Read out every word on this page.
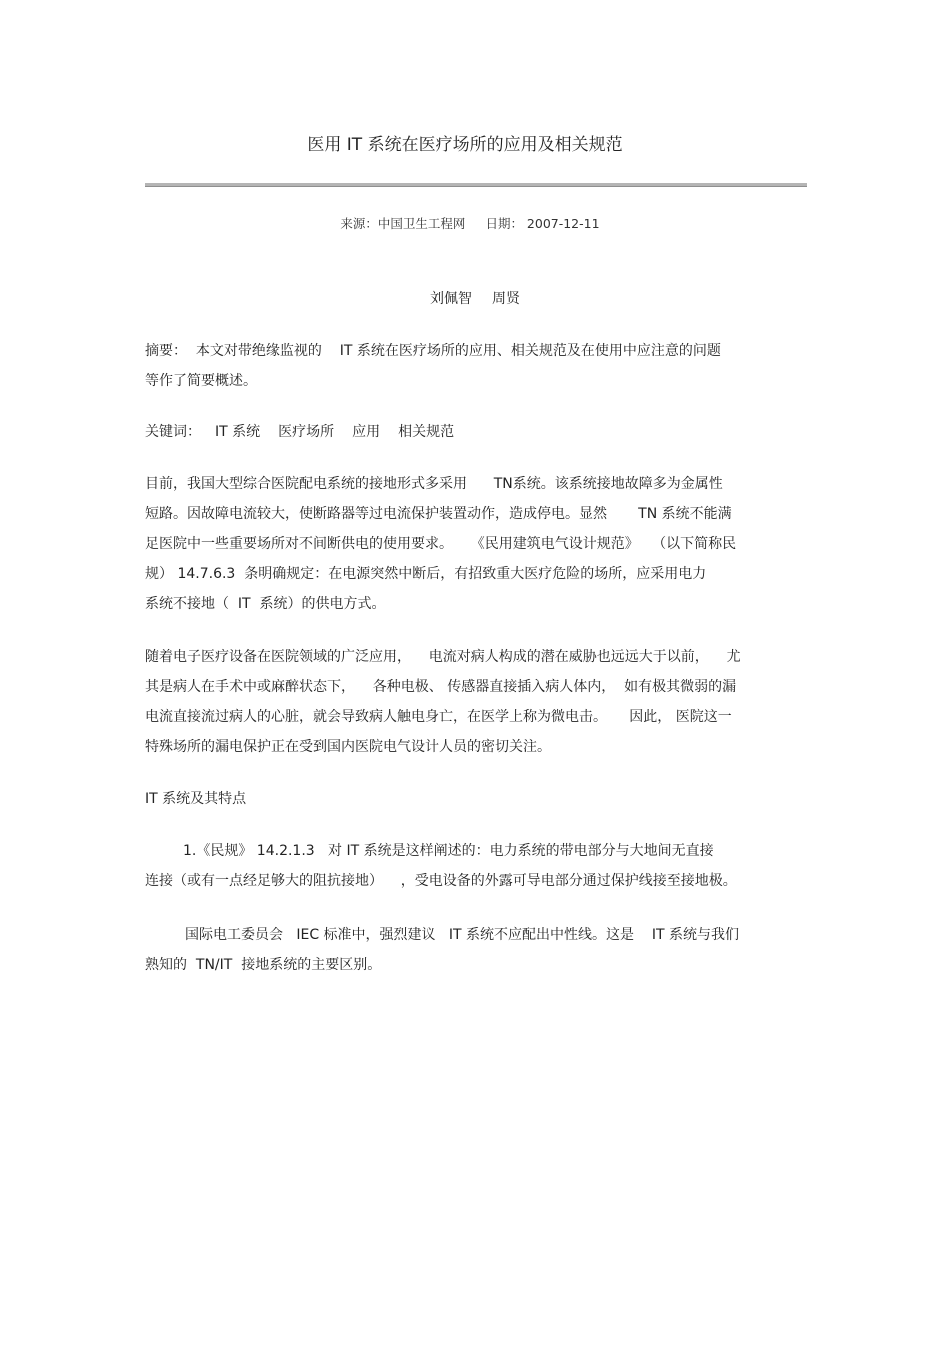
医用 IT 系统在医疗场所的应用及相关规范
来源：中国卫生工程网 日期： 2007-12-11
刘佩智 周贤
摘要：  本文对带绝缘监视的    IT 系统在医疗场所的应用、相关规范及在使用中应注意的问题
等作了简要概述。
关键词： IT 系统 医疗场所 应用 相关规范
目前，我国大型综合医院配电系统的接地形式多采用      TN系统。该系统接地故障多为金属性
短路。因故障电流较大，使断路器等过电流保护装置动作，造成停电。显然       TN 系统不能满
足医院中一些重要场所对不间断供电的使用要求。    《民用建筑电气设计规范》   （以下简称民
规） 14.7.6.3  条明确规定：在电源突然中断后，有招致重大医疗危险的场所，应采用电力
系统不接地（  IT  系统）的供电方式。
随着电子医疗设备在医院领域的广泛应用，    电流对病人构成的潜在威胁也远远大于以前，    尤
其是病人在手术中或麻醉状态下，    各种电极、 传感器直接插入病人体内，  如有极其微弱的漏
电流直接流过病人的心脏，就会导致病人触电身亡，在医学上称为微电击。     因此， 医院这一
特殊场所的漏电保护正在受到国内医院电气设计人员的密切关注。
IT 系统及其特点
1.《民规》 14.2.1.3   对 IT 系统是这样阐述的：电力系统的带电部分与大地间无直接
连接（或有一点经足够大的阻抗接地）    ，受电设备的外露可导电部分通过保护线接至接地极。
国际电工委员会   IEC 标准中，强烈建议   IT 系统不应配出中性线。这是    IT 系统与我们
熟知的  TN/IT  接地系统的主要区别。
